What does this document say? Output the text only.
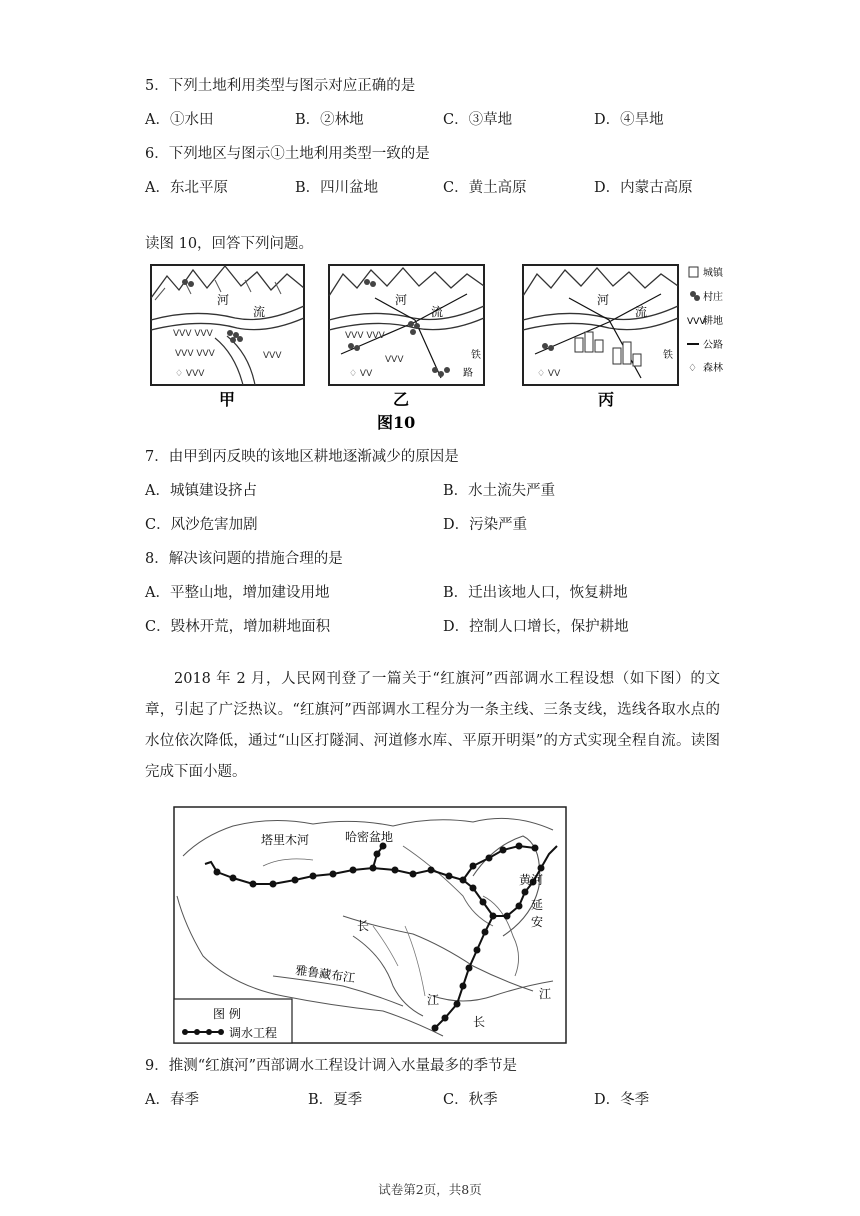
5．下列土地利用类型与图示对应正确的是
A．①水田	B．②林地	C．③草地	D．④旱地
6．下列地区与图示①土地利用类型一致的是
A．东北平原	B．四川盆地	C．黄土高原	D．内蒙古高原
读图 10，回答下列问题。
ᐯᐯᐯ ᐯᐯᐯ
ᐯᐯᐯ ᐯᐯᐯ	ᐯᐯᐯ
♢ ᐯᐯᐯ
河
流
ᐯᐯᐯ ᐯᐯᐯ
ᐯᐯᐯ
♢ ᐯᐯ
河
流
铁
路	♢ ᐯᐯ
河
流
铁
城镇
村庄
ᐯᐯᐯ
耕地
公路
♢ 森林
甲	乙	丙
图10
7．由甲到丙反映的该地区耕地逐渐减少的原因是
A．城镇建设挤占	B．水土流失严重
C．风沙危害加剧	D．污染严重
8．解决该问题的措施合理的是
A．平整山地，增加建设用地	B．迁出该地人口，恢复耕地
C．毁林开荒，增加耕地面积	D．控制人口增长，保护耕地
2018 年 2 月，人民网刊登了一篇关于“红旗河”西部调水工程设想（如下图）的文章，引起了广泛热议。“红旗河”西部调水工程分为一条主线、三条支线，选线各取水点的水位依次降低，通过“山区打隧洞、河道修水库、平原开明渠”的方式实现全程自流。读图完成下面小题。
塔里木河	哈密盆地
黄河
延
安
长
长
江	江
雅鲁藏布江
图 例
调水工程
9．推测“红旗河”西部调水工程设计调入水量最多的季节是
A．春季	B．夏季	C．秋季	D．冬季
试卷第2页，共8页
